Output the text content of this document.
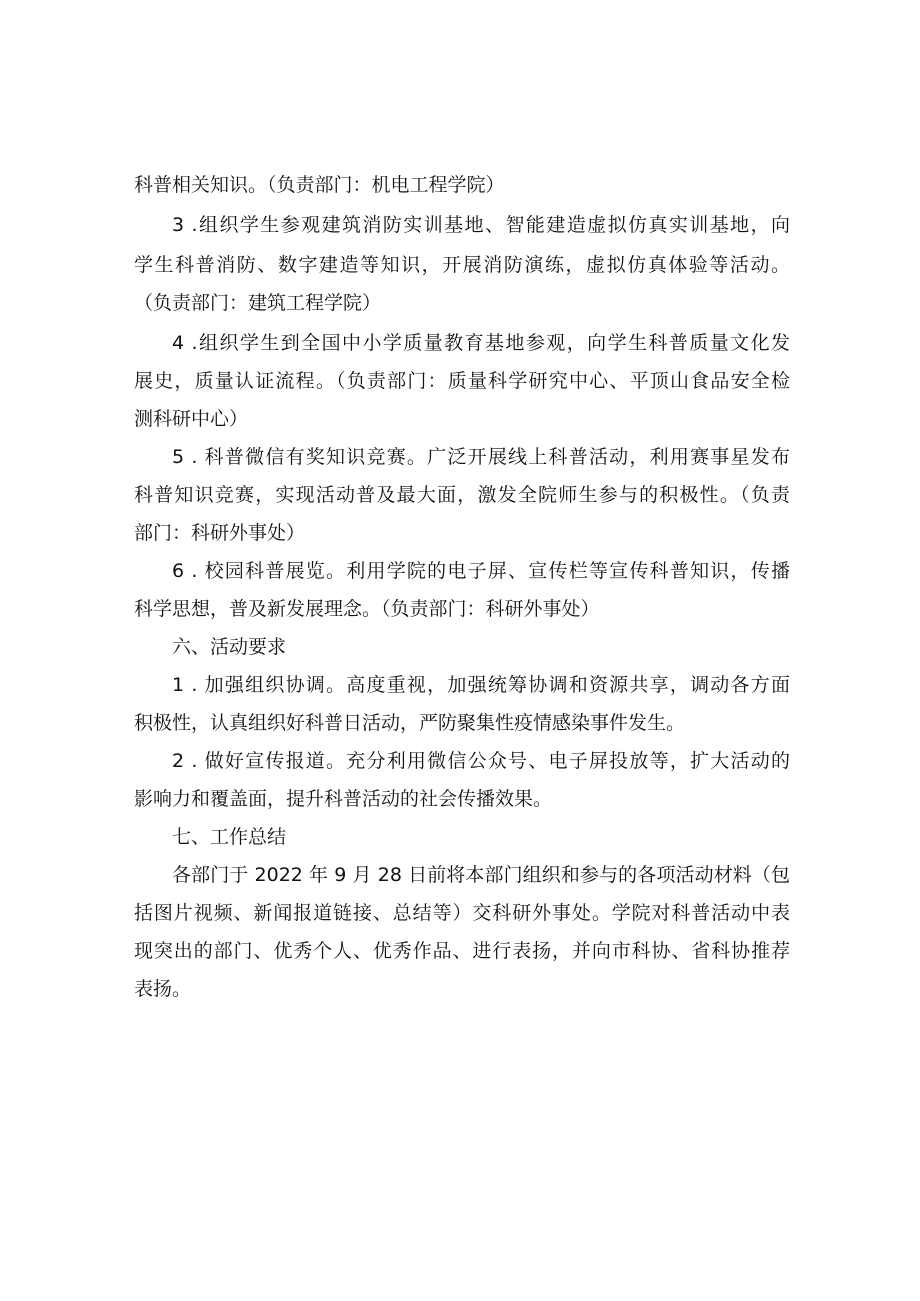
科普相关知识。（负责部门：机电工程学院）
3 .组织学生参观建筑消防实训基地、智能建造虚拟仿真实训基地，向
学生科普消防、数字建造等知识，开展消防演练，虚拟仿真体验等活动。
（负责部门：建筑工程学院）
4 .组织学生到全国中小学质量教育基地参观，向学生科普质量文化发
展史，质量认证流程。（负责部门：质量科学研究中心、平顶山食品安全检
测科研中心）
5 . 科普微信有奖知识竞赛。广泛开展线上科普活动，利用赛事星发布
科普知识竞赛，实现活动普及最大面，激发全院师生参与的积极性。（负责
部门：科研外事处）
6 . 校园科普展览。利用学院的电子屏、宣传栏等宣传科普知识，传播
科学思想，普及新发展理念。（负责部门：科研外事处）
六、活动要求
1 . 加强组织协调。高度重视，加强统筹协调和资源共享，调动各方面
积极性，认真组织好科普日活动，严防聚集性疫情感染事件发生。
2 . 做好宣传报道。充分利用微信公众号、电子屏投放等，扩大活动的
影响力和覆盖面，提升科普活动的社会传播效果。
七、工作总结
各部门于 2022 年 9 月 28 日前将本部门组织和参与的各项活动材料（包
括图片视频、新闻报道链接、总结等）交科研外事处。学院对科普活动中表
现突出的部门、优秀个人、优秀作品、进行表扬，并向市科协、省科协推荐
表扬。
